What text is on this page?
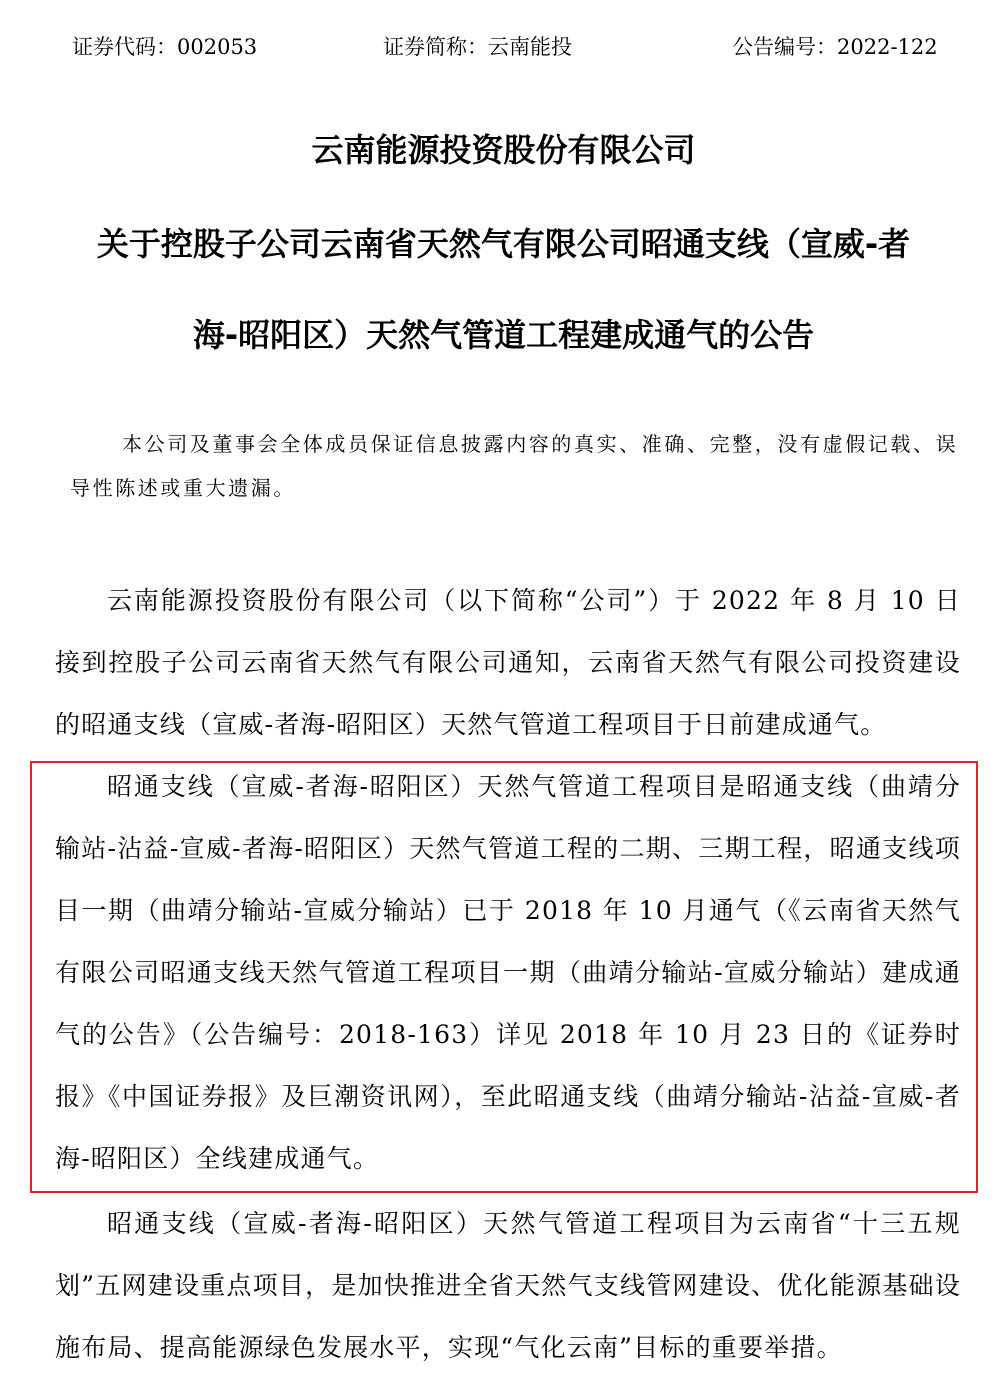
证券代码：002053	证券简称：云南能投	公告编号：2022-122
云南能源投资股份有限公司
关于控股子公司云南省天然气有限公司昭通支线（宣威-者
海-昭阳区）天然气管道工程建成通气的公告

本公司及董事会全体成员保证信息披露内容的真实、准确、完整，没有虚假记载、误导性陈述或重大遗漏。

云南能源投资股份有限公司（以下简称“公司”）于 2022 年 8 月 10 日接到控股子公司云南省天然气有限公司通知，云南省天然气有限公司投资建设的昭通支线（宣威-者海-昭阳区）天然气管道工程项目于日前建成通气。

昭通支线（宣威-者海-昭阳区）天然气管道工程项目是昭通支线（曲靖分输站-沾益-宣威-者海-昭阳区）天然气管道工程的二期、三期工程，昭通支线项目一期（曲靖分输站-宣威分输站）已于 2018 年 10 月通气（《云南省天然气有限公司昭通支线天然气管道工程项目一期（曲靖分输站-宣威分输站）建成通气的公告》（公告编号：2018-163）详见 2018 年 10 月 23 日的《证券时报》《中国证券报》及巨潮资讯网），至此昭通支线（曲靖分输站-沾益-宣威-者海-昭阳区）全线建成通气。

昭通支线（宣威-者海-昭阳区）天然气管道工程项目为云南省“十三五规划”五网建设重点项目，是加快推进全省天然气支线管网建设、优化能源基础设施布局、提高能源绿色发展水平，实现“气化云南”目标的重要举措。
